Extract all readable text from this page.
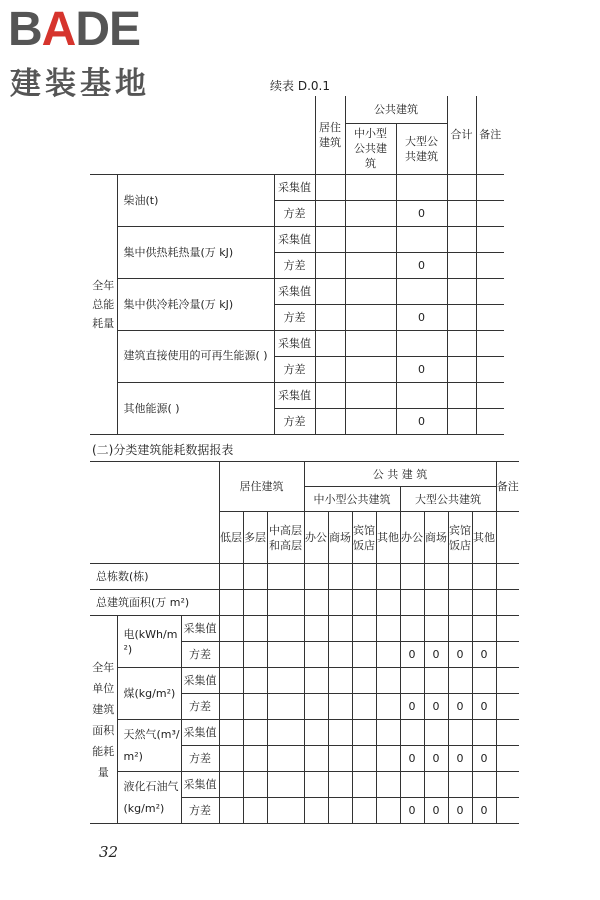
BADE
建装基地	续表 D.0.1
			居住建筑	公共建筑		合计	备注
				中小型公共建筑	大型公共建筑		
全年总能耗量	柴油(t)	采集值					
		方差			0		
	集中供热耗热量(万 kJ)	采集值					
		方差			0		
	集中供冷耗冷量(万 kJ)	采集值					
		方差			0		
	建筑直接使用的可再生能源( )	采集值					
		方差			0		
	其他能源( )	采集值					
		方差			0		
(二)分类建筑能耗数据报表
			居住建筑			公 共 建 筑								备注
						中小型公共建筑				大型公共建筑				
			低层	多层	中高层和高层	办公	商场	宾馆饭店	其他	办公	商场	宾馆饭店	其他	
总栋数(栋)														
总建筑面积(万 m²)														
全年单位建筑面积能耗量	电(kWh/m²)	采集值												
		方差								0	0	0	0	
	煤(kg/m²)	采集值												
		方差								0	0	0	0	
	天然气(m³/m²)	采集值												
		方差								0	0	0	0	
	液化石油气(kg/m²)	采集值												
		方差								0	0	0	0	
32
